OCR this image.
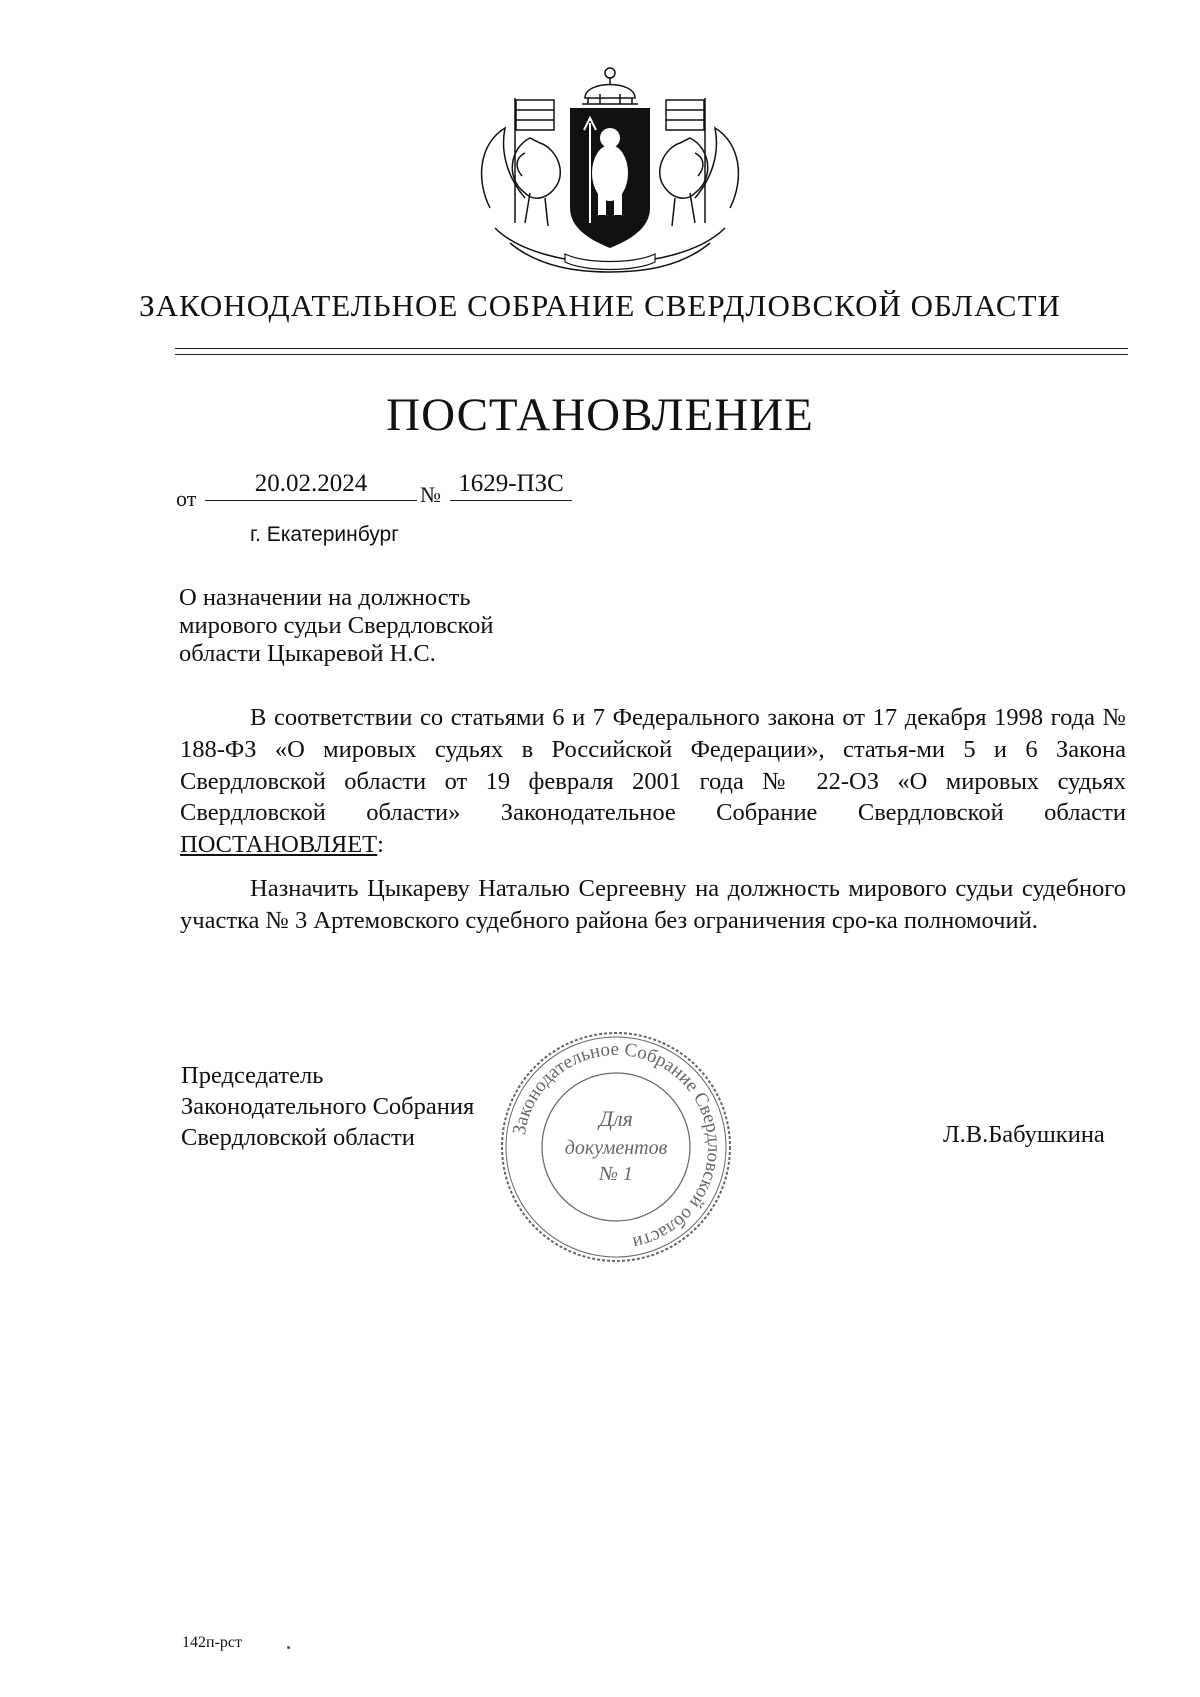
ЗАКОНОДАТЕЛЬНОЕ СОБРАНИЕ СВЕРДЛОВСКОЙ ОБЛАСТИ
ПОСТАНОВЛЕНИЕ
от
20.02.2024	№ 1629-ПЗС
г. Екатеринбург
О назначении на должность
мирового судьи Свердловской
области Цыкаревой Н.С.
В соответствии со статьями 6 и 7 Федерального закона от 17 декабря 1998 года № 188-ФЗ «О мировых судьях в Российской Федерации», статья-ми 5 и 6 Закона Свердловской области от 19 февраля 2001 года № 22-ОЗ «О мировых судьях Свердловской области» Законодательное Собрание Свердловской области ПОСТАНОВЛЯЕТ:
Назначить Цыкареву Наталью Сергеевну на должность мирового судьи судебного участка № 3 Артемовского судебного района без ограничения сро-ка полномочий.
Председатель
Законодательного Собрания
Свердловской области	Законодательное Собрание Свердловской области
Для
документов
№ 1
Л.В.Бабушкина
142п-рст
